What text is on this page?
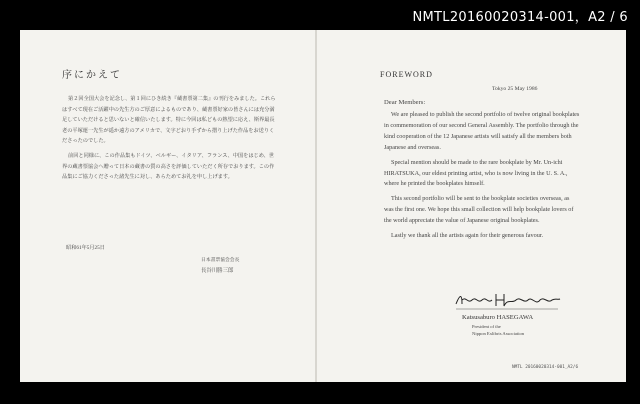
NMTL20160020314-001，A2 / 6
序にかえて

第２回全国大会を記念し、第１回にひき続き『蔵書票第二集』の刊行をみました。これらはすべて現在ご活躍中の先生方のご厚意によるものであり、蔵書票好家の皆さんには充分満足していただけると思いないと確信いたします。特に今回は私どもの熱望に応え、斯界最長老の平塚運一先生が遥か遠方のアメリカで、文字どおり手ずから摺り上げた作品をお送りくださったのでした。

前回と同様に、この作品集もドイツ、ベルギー、イタリア、フランス、中国をはじめ、世界の蔵書票協会へ贈って日本の蔵書の質の高さを評価していただく所存でおります。この作品集にご協力くださった諸先生に対し、あらためてお礼を申し上げます。

昭和61年5月25日
日本書票協会会長
長谷川勝三郎
FOREWORD
Tokyo 25 May 1986
Dear Members:

We are pleased to publish the second portfolio of twelve original bookplates in commemoration of our second General Assembly. The portfolio through the kind cooperation of the 12 Japanese artists will satisfy all the members both Japanese and overseas.

Special mention should be made to the rare bookplate by Mr. Un-ichi HIRATSUKA, our eldest printing artist, who is now living in the U. S. A., where he printed the bookplates himself.

This second portfolio will be sent to the bookplate societies overseas, as was the first one. We hope this small collection will help bookplate lovers of the world appreciate the value of Japanese original bookplates.

Lastly we thank all the artists again for their generous favour.

Katsusaburo HASEGAWA
President of the
Nippon Exlibris Association
NMTL 20160020314-001_A2/6
